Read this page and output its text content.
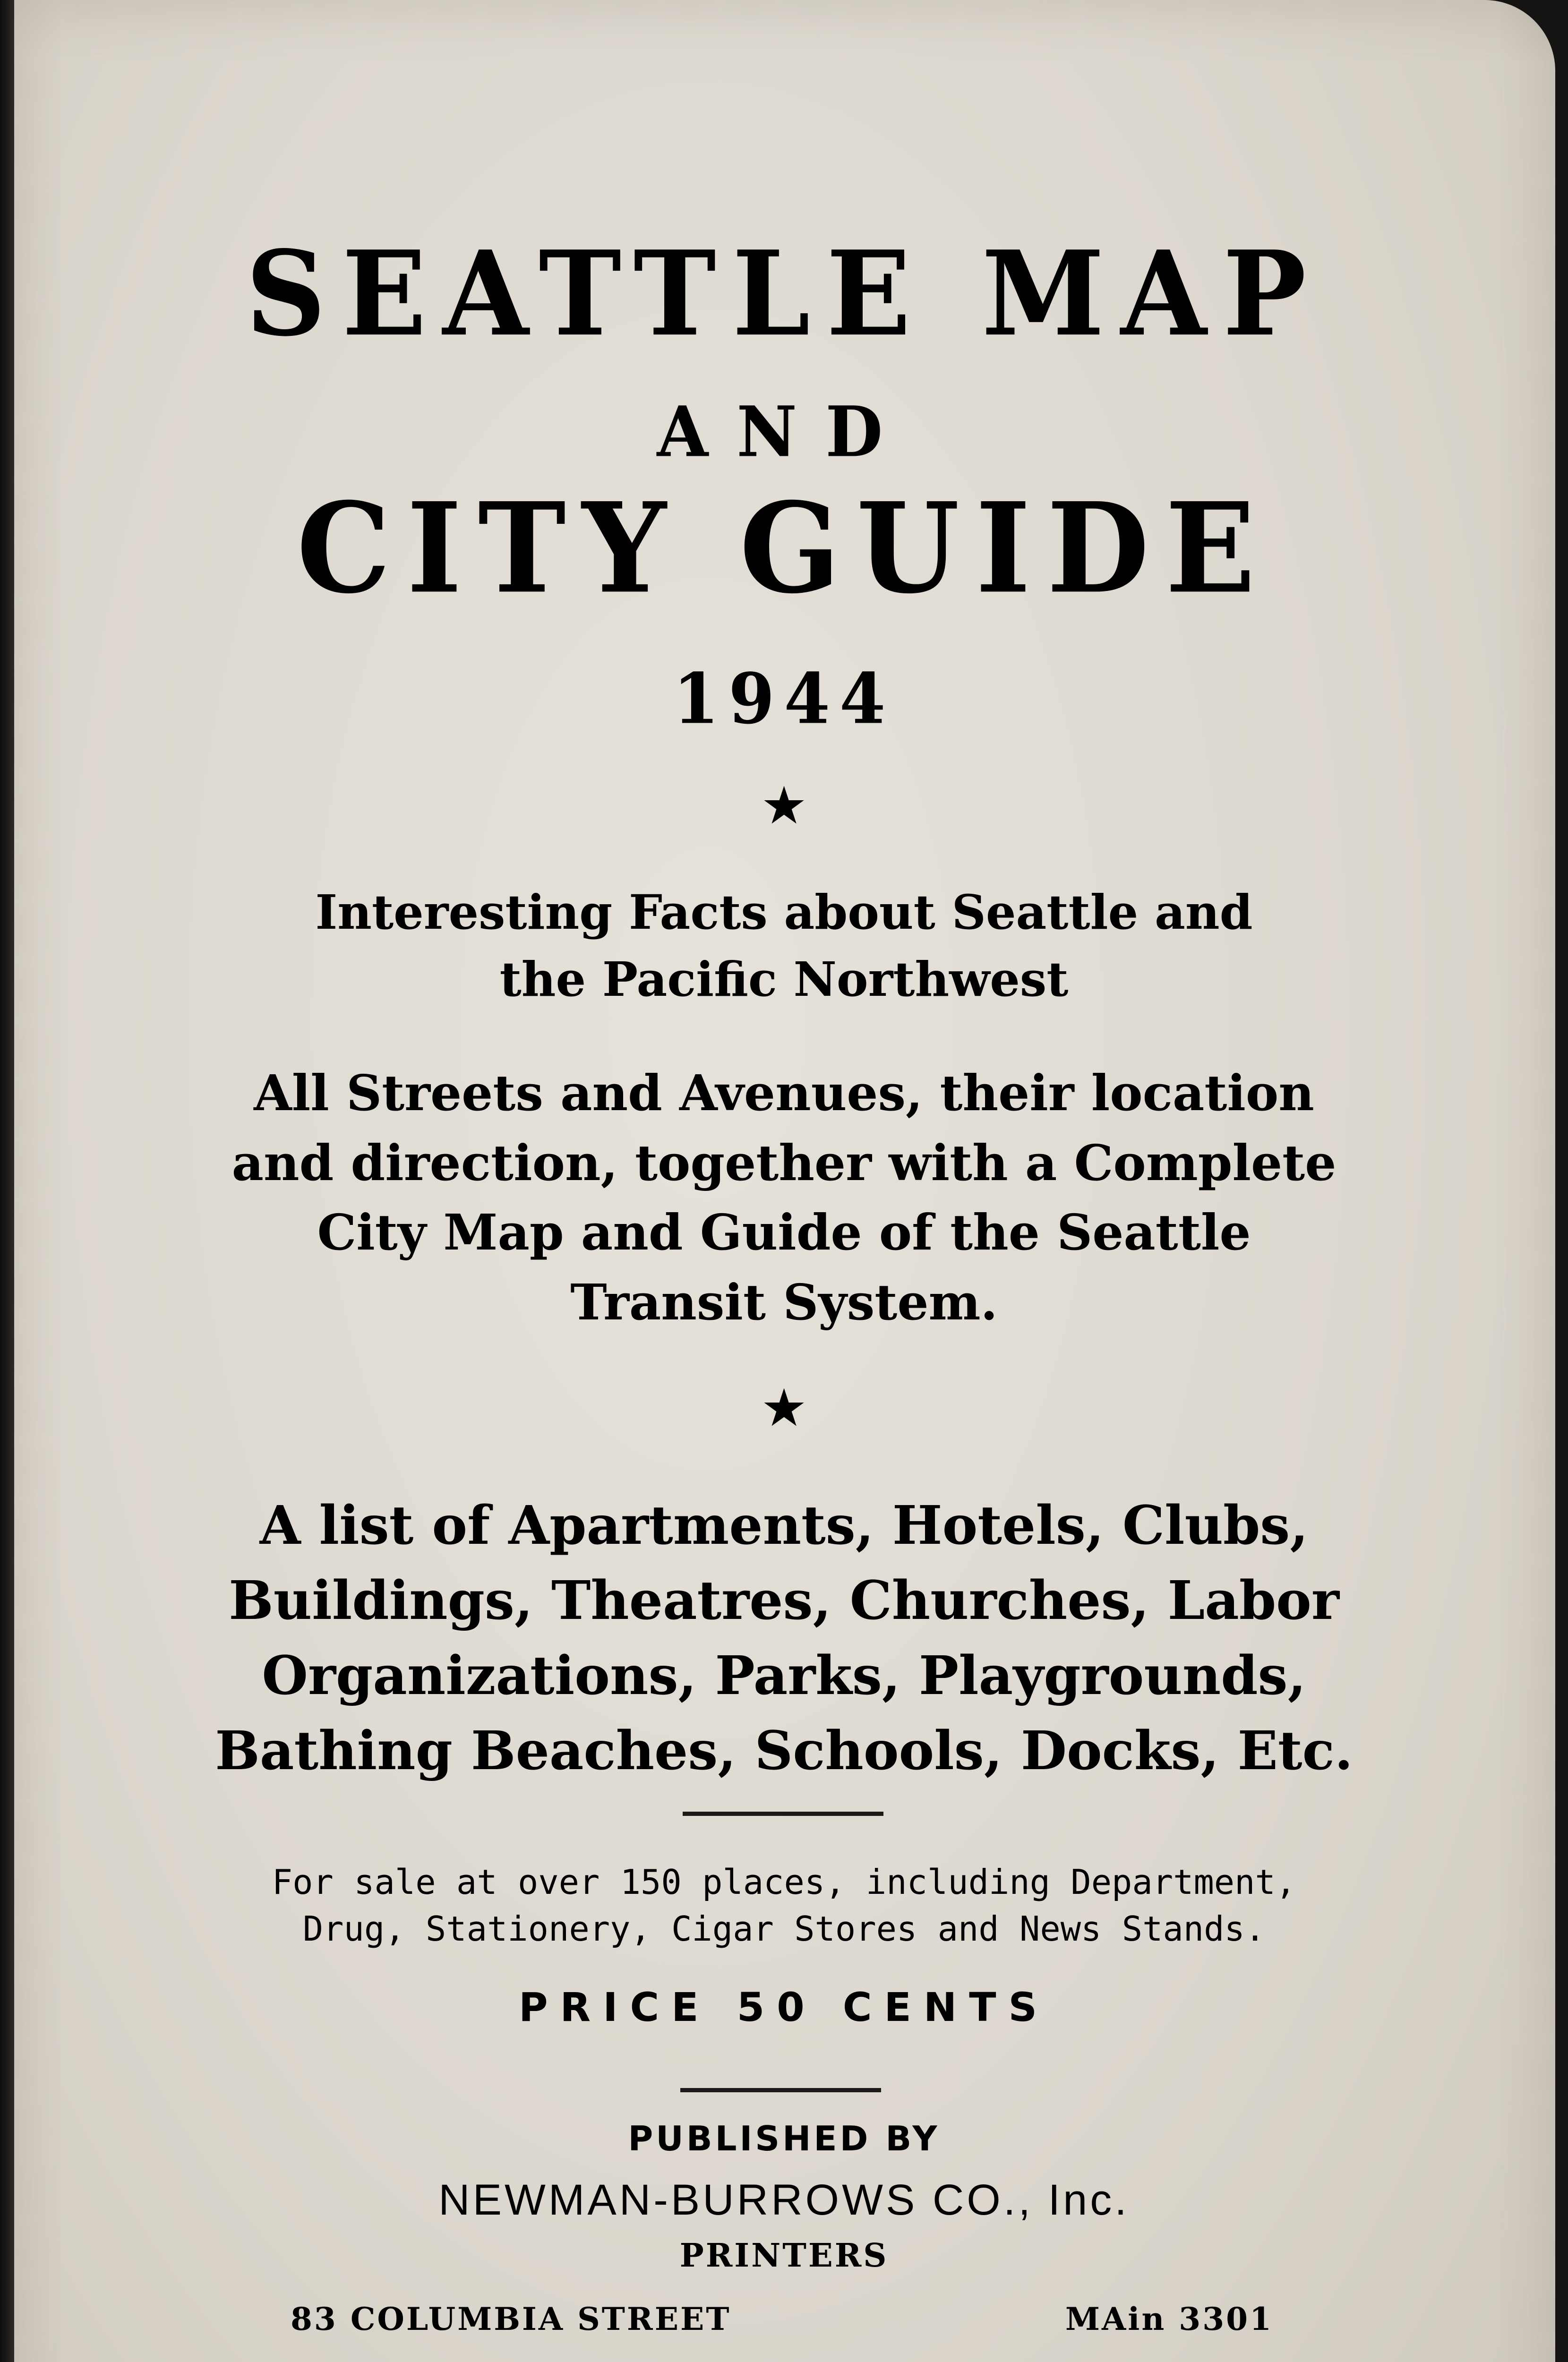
SEATTLE MAP
AND
CITY GUIDE
1944
★
Interesting Facts about Seattle and
the Pacific Northwest
All Streets and Avenues, their location
and direction, together with a Complete
City Map and Guide of the Seattle
Transit System.
★
A list of Apartments, Hotels, Clubs,
Buildings, Theatres, Churches, Labor
Organizations, Parks, Playgrounds,
Bathing Beaches, Schools, Docks, Etc.
For sale at over 150 places, including Department,
Drug, Stationery, Cigar Stores and News Stands.
PRICE 50 CENTS
PUBLISHED BY
NEWMAN-BURROWS CO., Inc.
PRINTERS
83 COLUMBIA STREET	MAin 3301
